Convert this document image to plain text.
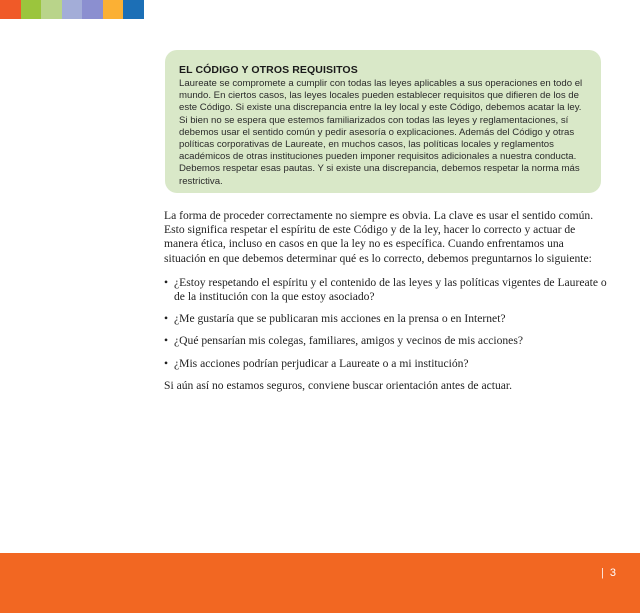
EL CÓDIGO Y OTROS REQUISITOS

Laureate se compromete a cumplir con todas las leyes aplicables a sus operaciones en todo el mundo. En ciertos casos, las leyes locales pueden establecer requisitos que difieren de los de este Código. Si existe una discrepancia entre la ley local y este Código, debemos acatar la ley. Si bien no se espera que estemos familiarizados con todas las leyes y reglamentaciones, sí debemos usar el sentido común y pedir asesoría o explicaciones. Además del Código y otras políticas corporativas de Laureate, en muchos casos, las políticas locales y reglamentos académicos de otras instituciones pueden imponer requisitos adicionales a nuestra conducta. Debemos respetar esas pautas. Y si existe una discrepancia, debemos respetar la norma más restrictiva.

La forma de proceder correctamente no siempre es obvia. La clave es usar el sentido común. Esto significa respetar el espíritu de este Código y de la ley, hacer lo correcto y actuar de manera ética, incluso en casos en que la ley no es específica. Cuando enfrentamos una situación en que debemos determinar qué es lo correcto, debemos preguntarnos lo siguiente:

• ¿Estoy respetando el espíritu y el contenido de las leyes y las políticas vigentes de Laureate o de la institución con la que estoy asociado?
• ¿Me gustaría que se publicaran mis acciones en la prensa o en Internet?
• ¿Qué pensarían mis colegas, familiares, amigos y vecinos de mis acciones?
• ¿Mis acciones podrían perjudicar a Laureate o a mi institución?

Si aún así no estamos seguros, conviene buscar orientación antes de actuar.

| 3
